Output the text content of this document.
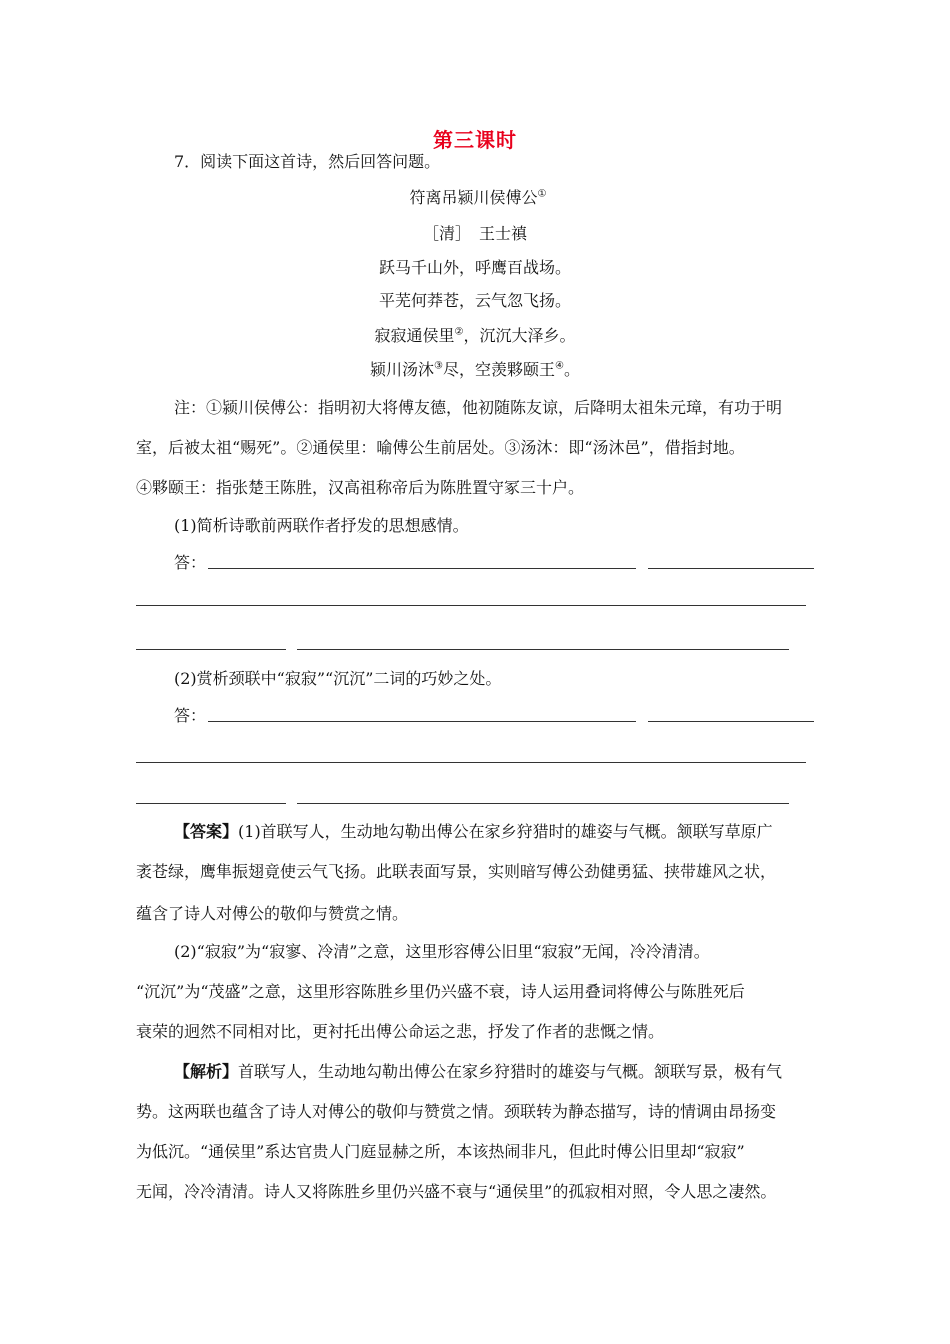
第三课时
7．阅读下面这首诗，然后回答问题。
符离吊颍川侯傅公①
［清］　王士禛
跃马千山外，呼鹰百战场。
平芜何莽苍，云气忽飞扬。
寂寂通侯里②，沉沉大泽乡。
颍川汤沐③尽，空羡夥颐王④。
注：①颍川侯傅公：指明初大将傅友德，他初随陈友谅，后降明太祖朱元璋，有功于明
室，后被太祖“赐死”。②通侯里：喻傅公生前居处。③汤沐：即“汤沐邑”，借指封地。
④夥颐王：指张楚王陈胜，汉高祖称帝后为陈胜置守冢三十户。
(1)简析诗歌前两联作者抒发的思想感情。
答：
(2)赏析颈联中“寂寂”“沉沉”二词的巧妙之处。
答：
【答案】(1)首联写人，生动地勾勒出傅公在家乡狩猎时的雄姿与气概。颔联写草原广
袤苍绿，鹰隼振翅竟使云气飞扬。此联表面写景，实则暗写傅公劲健勇猛、挟带雄风之状，
蕴含了诗人对傅公的敬仰与赞赏之情。
(2)“寂寂”为“寂寥、冷清”之意，这里形容傅公旧里“寂寂”无闻，冷冷清清。
“沉沉”为“茂盛”之意，这里形容陈胜乡里仍兴盛不衰，诗人运用叠词将傅公与陈胜死后
衰荣的迥然不同相对比，更衬托出傅公命运之悲，抒发了作者的悲慨之情。
【解析】首联写人，生动地勾勒出傅公在家乡狩猎时的雄姿与气概。颔联写景，极有气
势。这两联也蕴含了诗人对傅公的敬仰与赞赏之情。颈联转为静态描写，诗的情调由昂扬变
为低沉。“通侯里”系达官贵人门庭显赫之所，本该热闹非凡，但此时傅公旧里却“寂寂”
无闻，冷冷清清。诗人又将陈胜乡里仍兴盛不衰与“通侯里”的孤寂相对照，令人思之凄然。
